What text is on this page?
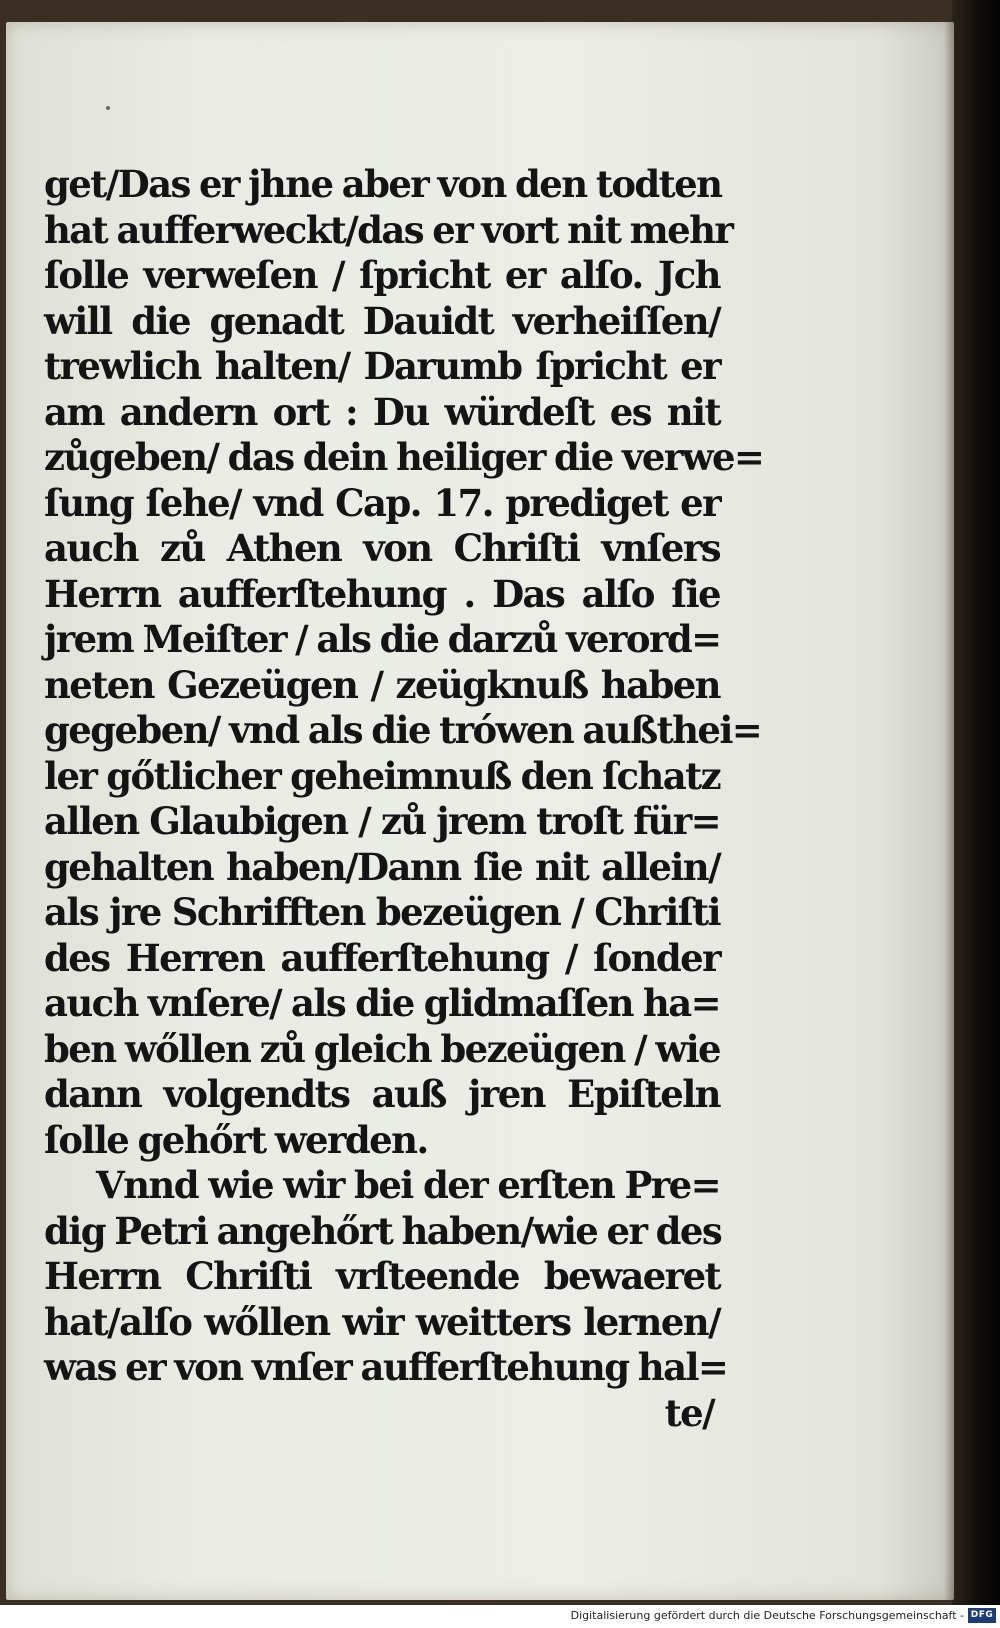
get/Das er jhne aber von den todten
hat aufferweckt/das er vort nit mehr
ſolle verweſen / ſpricht er alſo. Jch
will die genadt Dauidt verheiſſen/
trewlich halten/ Darumb ſpricht er
am andern ort : Du würdeſt es nit
zůgeben/ das dein heiliger die verwe=
ſung ſehe/ vnd Cap. 17. prediget er
auch zů Athen von Chriſti vnſers
Herrn aufferſtehung . Das alſo ſie
jrem Meiſter / als die darzů verord=
neten Gezeügen / zeügknuß haben
gegeben/ vnd als die trówen außthei=
ler gőtlicher geheimnuß den ſchatz
allen Glaubigen / zů jrem troſt für=
gehalten haben/Dann ſie nit allein/
als jre Schrifften bezeügen / Chriſti
des Herren aufferſtehung / ſonder
auch vnſere/ als die glidmaſſen ha=
ben wőllen zů gleich bezeügen / wie
dann volgendts auß jren Epiſteln
ſolle gehőrt werden.
Vnnd wie wir bei der erſten Pre=
dig Petri angehőrt haben/wie er des
Herrn Chriſti vrſteende bewaeret
hat/alſo wőllen wir weitters lernen/
was er von vnſer aufferſtehung hal=
te/
Digitalisierung gefördert durch die Deutsche Forschungsgemeinschaft - DFG
